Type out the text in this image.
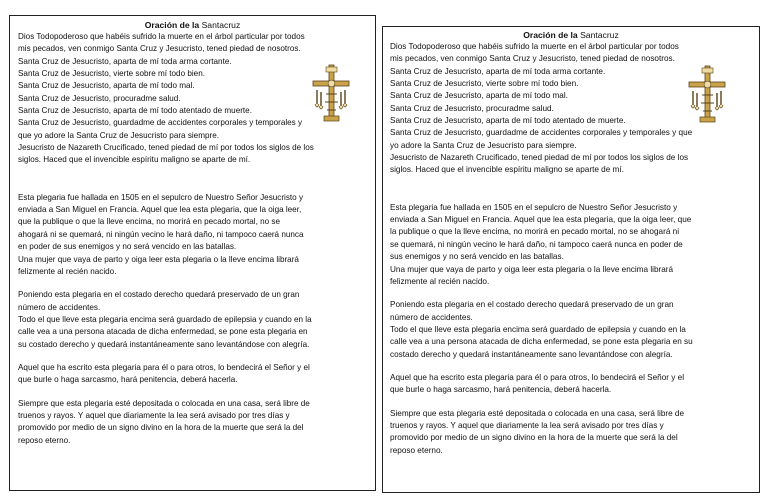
Oración de la Santacruz

Dios Todopoderoso que habéis sufrido la muerte en el árbol particular por todos
mis pecados, ven conmigo Santa Cruz y Jesucristo, tened piedad de nosotros.
Santa Cruz de Jesucristo, aparta de mí toda arma cortante.
Santa Cruz de Jesucristo, vierte sobre mí todo bien.
Santa Cruz de Jesucristo, aparta de mí todo mal.
Santa Cruz de Jesucristo, procuradme salud.
Santa Cruz de Jesucristo, aparta de mí todo atentado de muerte.
Santa Cruz de Jesucristo, guardadme de accidentes corporales y temporales y
que yo adore la Santa Cruz de Jesucristo para siempre.
Jesucristo de Nazareth Crucificado, tened piedad de mí por todos los siglos de los
siglos. Haced que el invencible espíritu maligno se aparte de mí.
Esta plegaria fue hallada en 1505 en el sepulcro de Nuestro Señor Jesucristo y
enviada a San Miguel en Francia. Aquel que lea esta plegaria, que la oiga leer,
que la publique o que la lleve encima, no morirá en pecado mortal, no se
ahogará ni se quemará, ni ningún vecino le hará daño, ni tampoco caerá nunca
en poder de sus enemigos y no será vencido en las batallas.
Una mujer que vaya de parto y oiga leer esta plegaria o la lleve encima librará
felizmente al recién nacido.
Poniendo esta plegaria en el costado derecho quedará preservado de un gran
número de accidentes.
Todo el que lleve esta plegaria encima será guardado de epilepsia y cuando en la
calle vea a una persona atacada de dicha enfermedad, se pone esta plegaria en
su costado derecho y quedará instantáneamente sano levantándose con alegría.
Aquel que ha escrito esta plegaria para él o para otros, lo bendecirá el Señor y el
que burle o haga sarcasmo, hará penitencia, deberá hacerla.
Siempre que esta plegaria esté depositada o colocada en una casa, será libre de
truenos y rayos. Y aquel que diariamente la lea será avisado por tres días y
promovido por medio de un signo divino en la hora de la muerte que será la del
reposo eterno.

Oración de la Santacruz

Dios Todopoderoso que habéis sufrido la muerte en el árbol particular por todos
mis pecados, ven conmigo Santa Cruz y Jesucristo, tened piedad de nosotros.
Santa Cruz de Jesucristo, aparta de mí toda arma cortante.
Santa Cruz de Jesucristo, vierte sobre mí todo bien.
Santa Cruz de Jesucristo, aparta de mí todo mal.
Santa Cruz de Jesucristo, procuradme salud.
Santa Cruz de Jesucristo, aparta de mí todo atentado de muerte.
Santa Cruz de Jesucristo, guardadme de accidentes corporales y temporales y que
yo adore la Santa Cruz de Jesucristo para siempre.
Jesucristo de Nazareth Crucificado, tened piedad de mí por todos los siglos de los
siglos. Haced que el invencible espíritu maligno se aparte de mí.
Esta plegaria fue hallada en 1505 en el sepulcro de Nuestro Señor Jesucristo y
enviada a San Miguel en Francia. Aquel que lea esta plegaria, que la oiga leer, que
la publique o que la lleve encima, no morirá en pecado mortal, no se ahogará ni
se quemará, ni ningún vecino le hará daño, ni tampoco caerá nunca en poder de
sus enemigos y no será vencido en las batallas.
Una mujer que vaya de parto y oiga leer esta plegaria o la lleve encima librará
felizmente al recién nacido.
Poniendo esta plegaria en el costado derecho quedará preservado de un gran
número de accidentes.
Todo el que lleve esta plegaria encima será guardado de epilepsia y cuando en la
calle vea a una persona atacada de dicha enfermedad, se pone esta plegaria en su
costado derecho y quedará instantáneamente sano levantándose con alegría.
Aquel que ha escrito esta plegaria para él o para otros, lo bendecirá el Señor y el
que burle o haga sarcasmo, hará penitencia, deberá hacerla.
Siempre que esta plegaria esté depositada o colocada en una casa, será libre de
truenos y rayos. Y aquel que diariamente la lea será avisado por tres días y
promovido por medio de un signo divino en la hora de la muerte que será la del
reposo eterno.
